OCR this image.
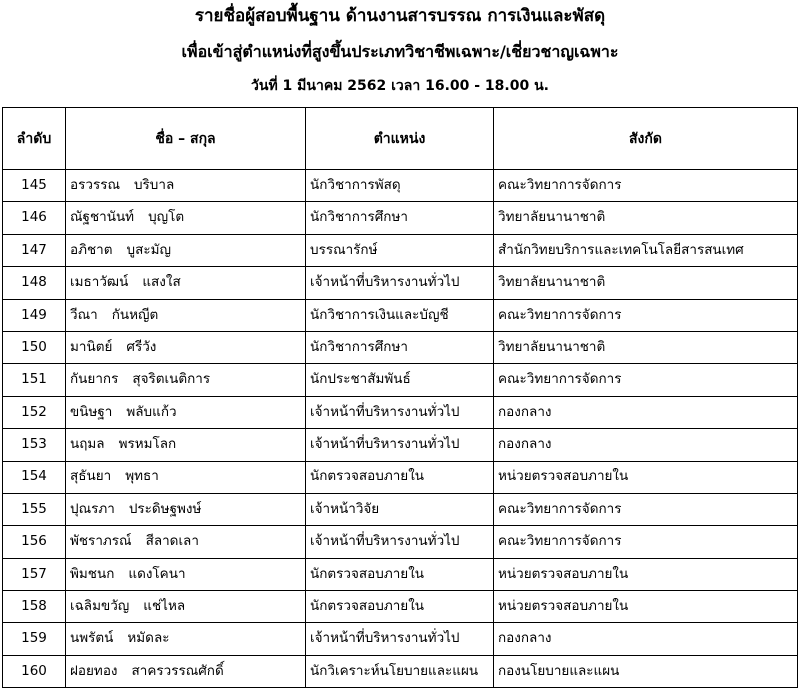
รายชื่อผู้สอบพื้นฐาน ด้านงานสารบรรณ การเงินและพัสดุ
เพื่อเข้าสู่ตำแหน่งที่สูงขึ้นประเภทวิชาชีพเฉพาะ/เชี่ยวชาญเฉพาะ
วันที่ 1 มีนาคม 2562 เวลา 16.00 - 18.00 น.
ลำดับ	ชื่อ – สกุล	ตำแหน่ง	สังกัด
145	อรวรรณ บริบาล	นักวิชาการพัสดุ	คณะวิทยาการจัดการ
146	ณัฐชานันท์ บุญโต	นักวิชาการศึกษา	วิทยาลัยนานาชาติ
147	อภิชาต บูสะมัญ	บรรณารักษ์	สำนักวิทยบริการและเทคโนโลยีสารสนเทศ
148	เมธาวัฒน์ แสงใส	เจ้าหน้าที่บริหารงานทั่วไป	วิทยาลัยนานาชาติ
149	วีณา กันหญีต	นักวิชาการเงินและบัญชี	คณะวิทยาการจัดการ
150	มานิตย์ ศรีวัง	นักวิชาการศึกษา	วิทยาลัยนานาชาติ
151	กันยากร สุจริตเนติการ	นักประชาสัมพันธ์	คณะวิทยาการจัดการ
152	ขนิษฐา พลับแก้ว	เจ้าหน้าที่บริหารงานทั่วไป	กองกลาง
153	นฤมล พรหมโลก	เจ้าหน้าที่บริหารงานทั่วไป	กองกลาง
154	สุธันยา พุทธา	นักตรวจสอบภายใน	หน่วยตรวจสอบภายใน
155	ปุณรภา ประดิษฐพงษ์	เจ้าหน้าวิจัย	คณะวิทยาการจัดการ
156	พัชราภรณ์ สีลาดเลา	เจ้าหน้าที่บริหารงานทั่วไป	คณะวิทยาการจัดการ
157	พิมชนก แดงโคนา	นักตรวจสอบภายใน	หน่วยตรวจสอบภายใน
158	เฉลิมขวัญ แช่ไหล	นักตรวจสอบภายใน	หน่วยตรวจสอบภายใน
159	นพรัตน์ หมัดละ	เจ้าหน้าที่บริหารงานทั่วไป	กองกลาง
160	ฝอยทอง สาครวรรณศักดิ์	นักวิเคราะห์นโยบายและแผน	กองนโยบายและแผน
